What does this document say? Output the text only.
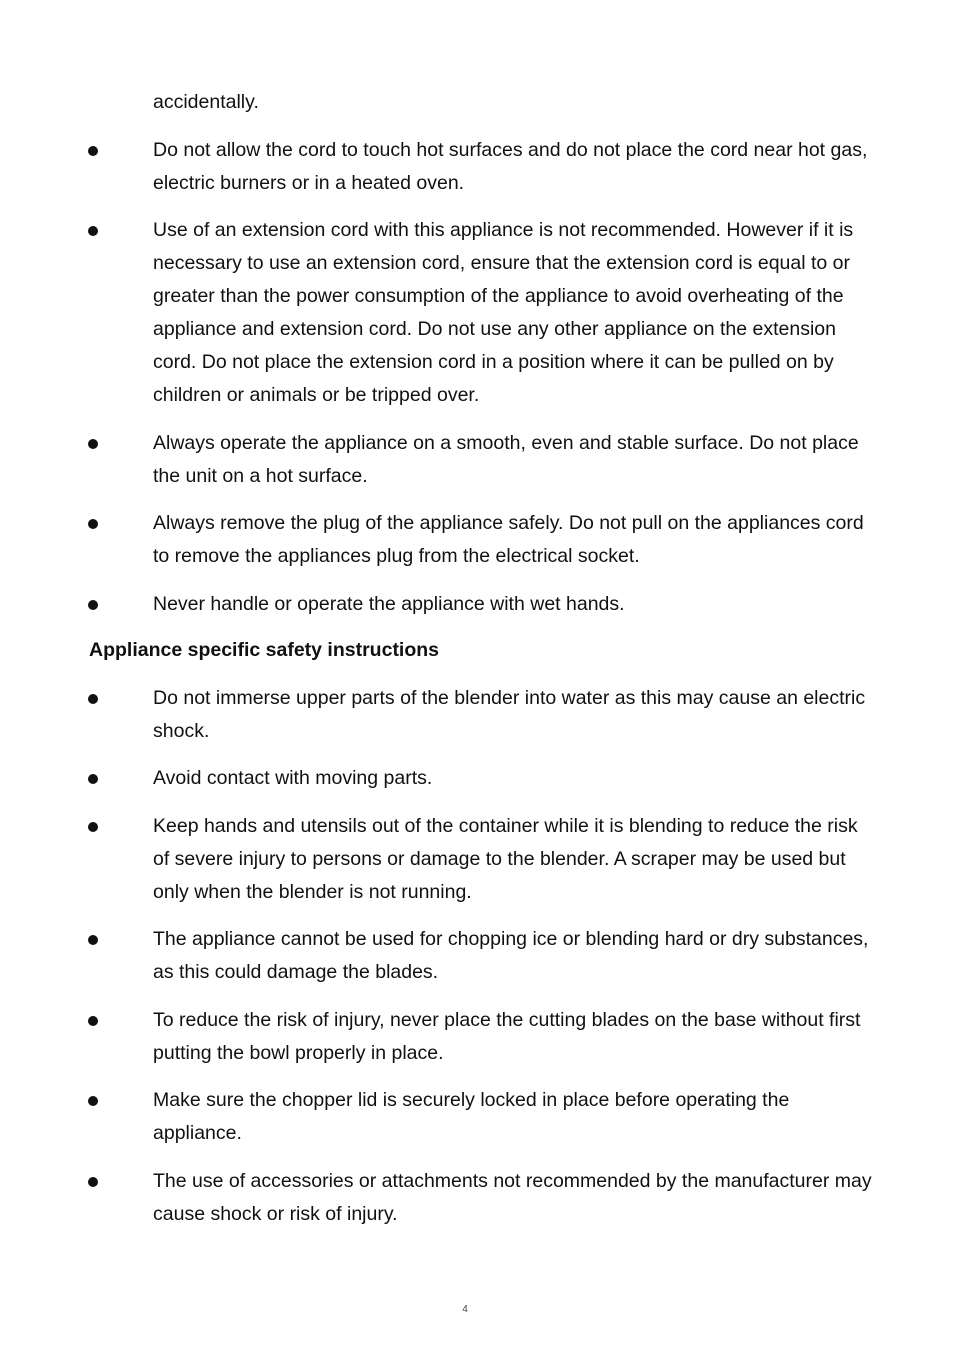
accidentally.

Do not allow the cord to touch hot surfaces and do not place the cord near hot gas, electric burners or in a heated oven.

Use of an extension cord with this appliance is not recommended. However if it is necessary to use an extension cord, ensure that the extension cord is equal to or greater than the power consumption of the appliance to avoid overheating of the appliance and extension cord. Do not use any other appliance on the extension cord. Do not place the extension cord in a position where it can be pulled on by children or animals or be tripped over.

Always operate the appliance on a smooth, even and stable surface. Do not place the unit on a hot surface.

Always remove the plug of the appliance safely. Do not pull on the appliances cord to remove the appliances plug from the electrical socket.

Never handle or operate the appliance with wet hands.

Appliance specific safety instructions

Do not immerse upper parts of the blender into water as this may cause an electric shock.

Avoid contact with moving parts.

Keep hands and utensils out of the container while it is blending to reduce the risk of severe injury to persons or damage to the blender. A scraper may be used but only when the blender is not running.

The appliance cannot be used for chopping ice or blending hard or dry substances, as this could damage the blades.

To reduce the risk of injury, never place the cutting blades on the base without first putting the bowl properly in place.

Make sure the chopper lid is securely locked in place before operating the appliance.

The use of accessories or attachments not recommended by the manufacturer may cause shock or risk of injury.

4
